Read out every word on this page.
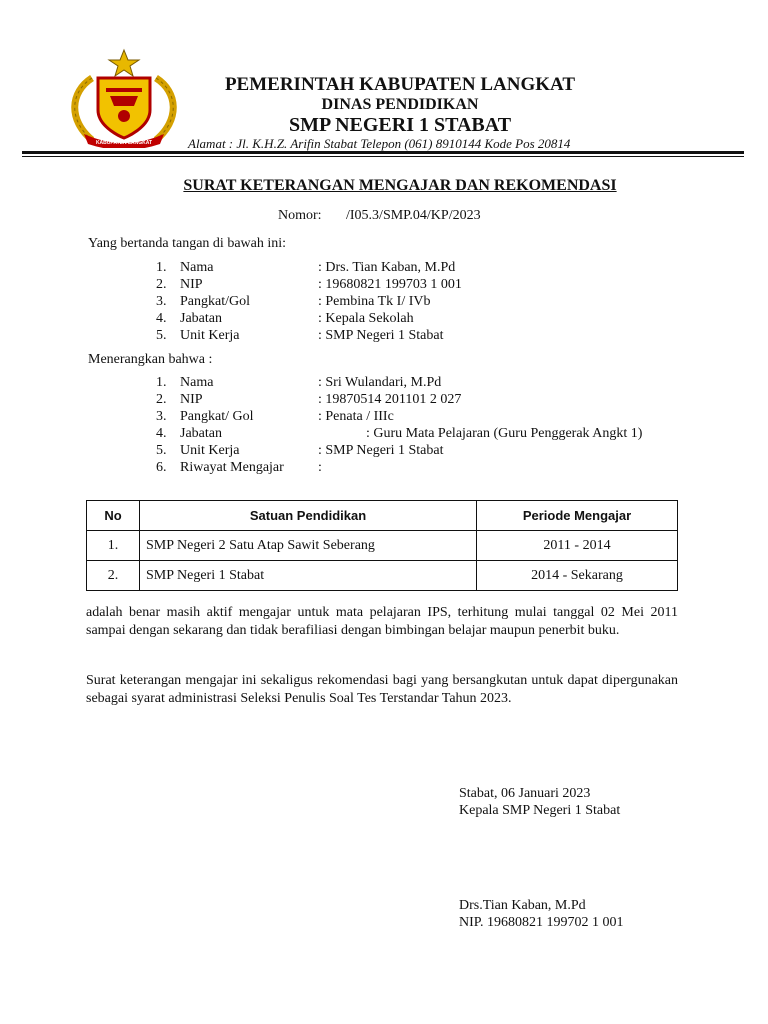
KABUPATEN LANGKAT
PEMERINTAH KABUPATEN LANGKAT
DINAS PENDIDIKAN
SMP NEGERI 1 STABAT
Alamat : Jl. K.H.Z. Arifin Stabat Telepon (061) 8910144 Kode Pos 20814
SURAT KETERANGAN MENGAJAR DAN REKOMENDASI
Nomor: /I05.3/SMP.04/KP/2023
Yang bertanda tangan di bawah ini:
1. Nama	: Drs. Tian Kaban, M.Pd
2. NIP	: 19680821 199703 1 001
3. Pangkat/Gol	: Pembina Tk I/ IVb
4. Jabatan	: Kepala Sekolah
5. Unit Kerja	: SMP Negeri 1 Stabat
Menerangkan bahwa :
1. Nama	: Sri Wulandari, M.Pd
2. NIP	: 19870514 201101 2 027
3. Pangkat/ Gol	: Penata / IIIc
4. Jabatan	: Guru Mata Pelajaran (Guru Penggerak Angkt 1)
5. Unit Kerja	: SMP Negeri 1 Stabat
6. Riwayat Mengajar :
No	Satuan Pendidikan	Periode Mengajar
1.	SMP Negeri 2 Satu Atap Sawit Seberang	2011 - 2014
2.	SMP Negeri 1 Stabat	2014 - Sekarang
adalah benar masih aktif mengajar untuk mata pelajaran IPS, terhitung mulai tanggal 02 Mei 2011 sampai dengan sekarang dan tidak berafiliasi dengan bimbingan belajar maupun penerbit buku.
Surat keterangan mengajar ini sekaligus rekomendasi bagi yang bersangkutan untuk dapat dipergunakan sebagai syarat administrasi Seleksi Penulis Soal Tes Terstandar Tahun 2023.
Stabat, 06 Januari 2023
Kepala SMP Negeri 1 Stabat
Drs.Tian Kaban, M.Pd
NIP. 19680821 199702 1 001
